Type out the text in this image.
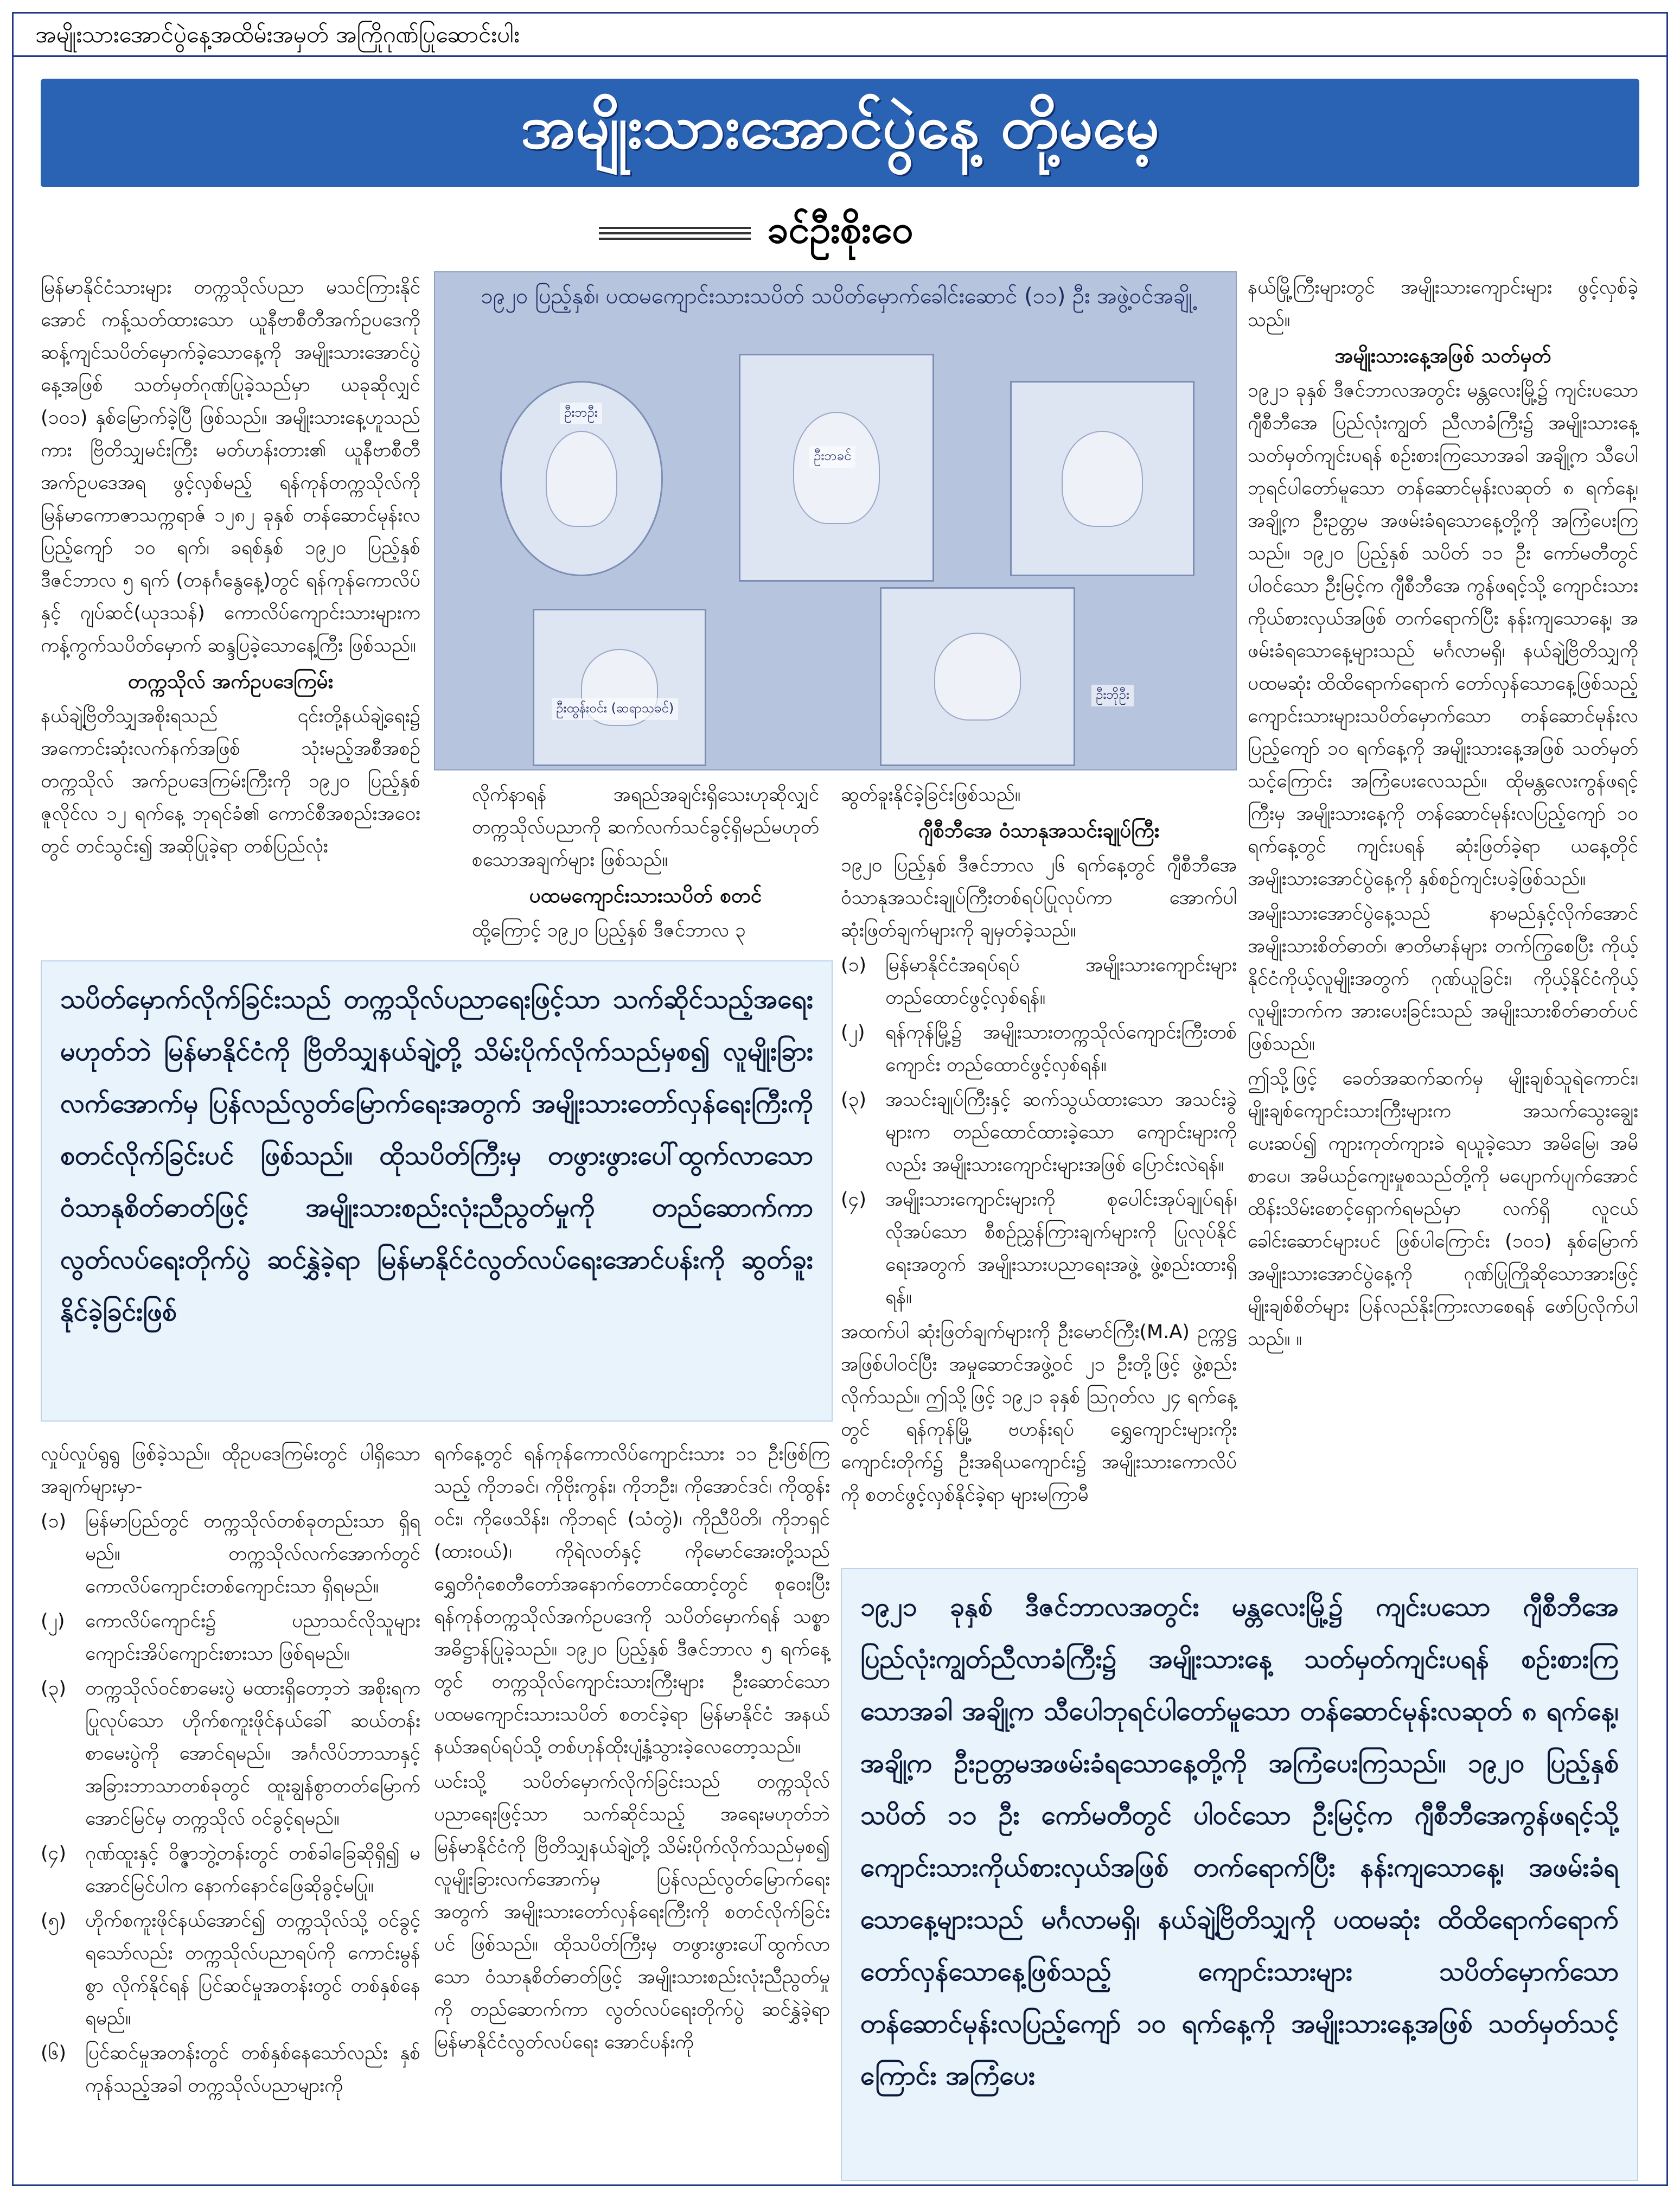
အမျိုးသားအောင်ပွဲနေ့အထိမ်းအမှတ် အကြိုဂုဏ်ပြုဆောင်းပါး
အမျိုးသားအောင်ပွဲနေ့ တို့မမေ့
ခင်ဦးစိုးဝေ

မြန်မာနိုင်ငံသားများ တက္ကသိုလ်ပညာ မသင်ကြားနိုင်အောင် ကန့်သတ်ထားသော ယူနီဗာစီတီအက်ဥပဒေကို ဆန့်ကျင်သပိတ်မှောက်ခဲ့သောနေ့ကို အမျိုးသားအောင်ပွဲနေ့အဖြစ် သတ်မှတ်ဂုဏ်ပြုခဲ့သည်မှာ ယခုဆိုလျှင် (၁၀၁) နှစ်မြောက်ခဲ့ပြီ ဖြစ်သည်။ အမျိုးသားနေ့ဟူသည်ကား ဗြိတိသျှမင်းကြီး မတ်ဟန်းတား၏ ယူနီဗာစီတီ အက်ဥပဒေအရ ဖွင့်လှစ်မည့် ရန်ကုန်တက္ကသိုလ်ကို မြန်မာကောဇာသက္ကရာဇ် ၁၂၈၂ ခုနှစ် တန်ဆောင်မုန်းလပြည့်ကျော် ၁၀ ရက်၊ ခရစ်နှစ် ၁၉၂၀ ပြည့်နှစ် ဒီဇင်ဘာလ ၅ ရက် (တနင်္ဂနွေနေ့)တွင် ရန်ကုန်ကောလိပ်နှင့် ဂျပ်ဆင်(ယုဒသန်) ကောလိပ်ကျောင်းသားများက ကန့်ကွက်သပိတ်မှောက် ဆန္ဒပြခဲ့သောနေ့ကြီး ဖြစ်သည်။

တက္ကသိုလ် အက်ဥပဒေကြမ်း

နယ်ချဲ့ဗြိတိသျှအစိုးရသည် ၎င်းတို့နယ်ချဲ့ရေး၌ အကောင်းဆုံးလက်နက်အဖြစ် သုံးမည့်အစီအစဉ် တက္ကသိုလ် အက်ဥပဒေကြမ်းကြီးကို ၁၉၂၀ ပြည့်နှစ် ဇူလိုင်လ ၁၂ ရက်နေ့ ဘုရင်ခံ၏ ကောင်စီအစည်းအဝေးတွင် တင်သွင်း၍ အဆိုပြုခဲ့ရာ တစ်ပြည်လုံး

၁၉၂၀ ပြည့်နှစ်၊ ပထမကျောင်းသားသပိတ် သပိတ်မှောက်ခေါင်းဆောင် (၁၁) ဦး အဖွဲ့ဝင်အချို့
ဦးဘဦး
ဦးဘခင်
ဦးထွန်းဝင်း (ဆရာသခင်)
ဦးဘိုဦး

လိုက်နာရန် အရည်အချင်းရှိသေးဟုဆိုလျှင် တက္ကသိုလ်ပညာကို ဆက်လက်သင်ခွင့်ရှိမည်မဟုတ် စသောအချက်များ ဖြစ်သည်။

ပထမကျောင်းသားသပိတ် စတင်

ထို့ကြောင့် ၁၉၂၀ ပြည့်နှစ် ဒီဇင်ဘာလ ၃

ဆွတ်ခူးနိုင်ခဲ့ခြင်းဖြစ်သည်။

ဂျီစီဘီအေ ဝံသာနုအသင်းချုပ်ကြီး

၁၉၂၀ ပြည့်နှစ် ဒီဇင်ဘာလ ၂၆ ရက်နေ့တွင် ဂျီစီဘီအေ ဝံသာနုအသင်းချုပ်ကြီးတစ်ရပ်ပြုလုပ်ကာ အောက်ပါဆုံးဖြတ်ချက်များကို ချမှတ်ခဲ့သည်။

(၁)	မြန်မာနိုင်ငံအရပ်ရပ် အမျိုးသားကျောင်းများ တည်ထောင်ဖွင့်လှစ်ရန်။
(၂)	ရန်ကုန်မြို့၌ အမျိုးသားတက္ကသိုလ်ကျောင်းကြီးတစ်ကျောင်း တည်ထောင်ဖွင့်လှစ်ရန်။
(၃)	အသင်းချုပ်ကြီးနှင့် ဆက်သွယ်ထားသော အသင်းခွဲများက တည်ထောင်ထားခဲ့သော ကျောင်းများကိုလည်း အမျိုးသားကျောင်းများအဖြစ် ပြောင်းလဲရန်။
(၄)	အမျိုးသားကျောင်းများကို စုပေါင်းအုပ်ချုပ်ရန်၊ လိုအပ်သော စီစဉ်ညွှန်ကြားချက်များကို ပြုလုပ်နိုင်ရေးအတွက် အမျိုးသားပညာရေးအဖွဲ့ ဖွဲ့စည်းထားရှိရန်။

အထက်ပါ ဆုံးဖြတ်ချက်များကို ဦးမောင်ကြီး(M.A) ဥက္ကဋ္ဌအဖြစ်ပါဝင်ပြီး အမှုဆောင်အဖွဲ့ဝင် ၂၁ ဦးတို့ဖြင့် ဖွဲ့စည်းလိုက်သည်။ ဤသို့ဖြင့် ၁၉၂၁ ခုနှစ် ဩဂုတ်လ ၂၄ ရက်နေ့တွင် ရန်ကုန်မြို့ ဗဟန်းရပ် ရွှေကျောင်းများကိုးကျောင်းတိုက်၌ ဦးအရိယကျောင်း၌ အမျိုးသားကောလိပ်ကို စတင်ဖွင့်လှစ်နိုင်ခဲ့ရာ များမကြာမီ

နယ်မြို့ကြီးများတွင် အမျိုးသားကျောင်းများ ဖွင့်လှစ်ခဲ့သည်။

အမျိုးသားနေ့အဖြစ် သတ်မှတ်

၁၉၂၁ ခုနှစ် ဒီဇင်ဘာလအတွင်း မန္တလေးမြို့၌ ကျင်းပသော ဂျီစီဘီအေ ပြည်လုံးကျွတ် ညီလာခံကြီး၌ အမျိုးသားနေ့ သတ်မှတ်ကျင်းပရန် စဉ်းစားကြသောအခါ အချို့က သီပေါဘုရင်ပါတော်မူသော တန်ဆောင်မုန်းလဆုတ် ၈ ရက်နေ့၊ အချို့က ဦးဥတ္တမ အဖမ်းခံရသောနေ့တို့ကို အကြံပေးကြသည်။ ၁၉၂၀ ပြည့်နှစ် သပိတ် ၁၁ ဦး ကော်မတီတွင် ပါဝင်သော ဦးမြင့်က ဂျီစီဘီအေ ကွန်ဖရင့်သို့ ကျောင်းသားကိုယ်စားလှယ်အဖြစ် တက်ရောက်ပြီး နန်းကျသောနေ့၊ အဖမ်းခံရသောနေ့များသည် မင်္ဂလာမရှိ၊ နယ်ချဲ့ဗြိတိသျှကို ပထမဆုံး ထိထိရောက်ရောက် တော်လှန်သောနေ့ဖြစ်သည့် ကျောင်းသားများသပိတ်မှောက်သော တန်ဆောင်မုန်းလပြည့်ကျော် ၁၀ ရက်နေ့ကို အမျိုးသားနေ့အဖြစ် သတ်မှတ်သင့်ကြောင်း အကြံပေးလေသည်။ ထိုမန္တလေးကွန်ဖရင့်ကြီးမှ အမျိုးသားနေ့ကို တန်ဆောင်မုန်းလပြည့်ကျော် ၁၀ ရက်နေ့တွင် ကျင်းပရန် ဆုံးဖြတ်ခဲ့ရာ ယနေ့တိုင် အမျိုးသားအောင်ပွဲနေ့ကို နှစ်စဉ်ကျင်းပခဲ့ဖြစ်သည်။

အမျိုးသားအောင်ပွဲနေ့သည် နာမည်နှင့်လိုက်အောင် အမျိုးသားစိတ်ဓာတ်၊ ဇာတိမာန်များ တက်ကြွစေပြီး ကိုယ့်နိုင်ငံကိုယ့်လူမျိုးအတွက် ဂုဏ်ယူခြင်း၊ ကိုယ့်နိုင်ငံကိုယ့်လူမျိုးဘက်က အားပေးခြင်းသည် အမျိုးသားစိတ်ဓာတ်ပင် ဖြစ်သည်။

ဤသို့ဖြင့် ခေတ်အဆက်ဆက်မှ မျိုးချစ်သူရဲကောင်း၊ မျိုးချစ်ကျောင်းသားကြီးများက အသက်သွေးချွေး ပေးဆပ်၍ ကျားကုတ်ကျားခဲ ရယူခဲ့သော အမိမြေ၊ အမိစာပေ၊ အမိယဉ်ကျေးမှုစသည်တို့ကို မပျောက်ပျက်အောင် ထိန်းသိမ်းစောင့်ရှောက်ရမည်မှာ လက်ရှိ လူငယ်ခေါင်းဆောင်များပင် ဖြစ်ပါကြောင်း (၁၀၁) နှစ်မြောက် အမျိုးသားအောင်ပွဲနေ့ကို ဂုဏ်ပြုကြိုဆိုသောအားဖြင့် မျိုးချစ်စိတ်များ ပြန်လည်နိုးကြားလာစေရန် ဖော်ပြလိုက်ပါသည်။ ။

သပိတ်မှောက်လိုက်ခြင်းသည် တက္ကသိုလ်ပညာရေးဖြင့်သာ သက်ဆိုင်သည့်အရေးမဟုတ်ဘဲ မြန်မာနိုင်ငံကို ဗြိတိသျှနယ်ချဲ့တို့ သိမ်းပိုက်လိုက်သည်မှစ၍ လူမျိုးခြားလက်အောက်မှ ပြန်လည်လွတ်မြောက်ရေးအတွက် အမျိုးသားတော်လှန်ရေးကြီးကို စတင်လိုက်ခြင်းပင် ဖြစ်သည်။ ထိုသပိတ်ကြီးမှ တဖွားဖွားပေါ်ထွက်လာသော ဝံသာနုစိတ်ဓာတ်ဖြင့် အမျိုးသားစည်းလုံးညီညွတ်မှုကို တည်ဆောက်ကာ လွတ်လပ်ရေးတိုက်ပွဲ ဆင်နွှဲခဲ့ရာ မြန်မာနိုင်ငံလွတ်လပ်ရေးအောင်ပန်းကို ဆွတ်ခူးနိုင်ခဲ့ခြင်းဖြစ်

လှုပ်လှုပ်ရွရွ ဖြစ်ခဲ့သည်။ ထိုဥပဒေကြမ်းတွင် ပါရှိသော အချက်များမှာ-

(၁)	မြန်မာပြည်တွင် တက္ကသိုလ်တစ်ခုတည်းသာ ရှိရမည်။ တက္ကသိုလ်လက်အောက်တွင် ကောလိပ်ကျောင်းတစ်ကျောင်းသာ ရှိရမည်။
(၂)	ကောလိပ်ကျောင်း၌ ပညာသင်လိုသူများ ကျောင်းအိပ်ကျောင်းစားသာ ဖြစ်ရမည်။
(၃)	တက္ကသိုလ်ဝင်စာမေးပွဲ မထားရှိတော့ဘဲ အစိုးရကပြုလုပ်သော ဟိုက်စကူးဖိုင်နယ်ခေါ် ဆယ်တန်းစာမေးပွဲကို အောင်ရမည်။ အင်္ဂလိပ်ဘာသာနှင့် အခြားဘာသာတစ်ခုတွင် ထူးချွန်စွာတတ်မြောက်အောင်မြင်မှ တက္ကသိုလ် ဝင်ခွင့်ရမည်။
(၄)	ဂုဏ်ထူးနှင့် ဝိဇ္ဇာဘွဲ့တန်းတွင် တစ်ခါခြေဆိုရှိ၍ မအောင်မြင်ပါက နောက်နောင်ဖြေဆိုခွင့်မပြု။
(၅)	ဟိုက်စကူးဖိုင်နယ်အောင်၍ တက္ကသိုလ်သို့ ဝင်ခွင့်ရသော်လည်း တက္ကသိုလ်ပညာရပ်ကို ကောင်းမွန်စွာ လိုက်နိုင်ရန် ပြင်ဆင်မှုအတန်းတွင် တစ်နှစ်နေရမည်။
(၆)	ပြင်ဆင်မှုအတန်းတွင် တစ်နှစ်နေသော်လည်း နှစ်ကုန်သည့်အခါ တက္ကသိုလ်ပညာများကို

ရက်နေ့တွင် ရန်ကုန်ကောလိပ်ကျောင်းသား ၁၁ ဦးဖြစ်ကြသည့် ကိုဘခင်၊ ကိုဗိုးကွန်း၊ ကိုဘဦး၊ ကိုအောင်ဒင်၊ ကိုထွန်းဝင်း၊ ကိုဖေသိန်း၊ ကိုဘရင် (သံတွဲ)၊ ကိုညီပိတိ၊ ကိုဘရှင် (ထားဝယ်)၊ ကိုရဲလတ်နှင့် ကိုမောင်အေးတို့သည် ရွှေတိဂုံစေတီတော်အနောက်တောင်ထောင့်တွင် စုဝေးပြီး ရန်ကုန်တက္ကသိုလ်အက်ဥပဒေကို သပိတ်မှောက်ရန် သစ္စာအဓိဋ္ဌာန်ပြုခဲ့သည်။ ၁၉၂၀ ပြည့်နှစ် ဒီဇင်ဘာလ ၅ ရက်နေ့တွင် တက္ကသိုလ်ကျောင်းသားကြီးများ ဦးဆောင်သော ပထမကျောင်းသားသပိတ် စတင်ခဲ့ရာ မြန်မာနိုင်ငံ အနယ်နယ်အရပ်ရပ်သို့ တစ်ဟုန်ထိုးပျံ့နှံ့သွားခဲ့လေတော့သည်။

ယင်းသို့ သပိတ်မှောက်လိုက်ခြင်းသည် တက္ကသိုလ်ပညာရေးဖြင့်သာ သက်ဆိုင်သည့် အရေးမဟုတ်ဘဲ မြန်မာနိုင်ငံကို ဗြိတိသျှနယ်ချဲ့တို့ သိမ်းပိုက်လိုက်သည်မှစ၍ လူမျိုးခြားလက်အောက်မှ ပြန်လည်လွတ်မြောက်ရေးအတွက် အမျိုးသားတော်လှန်ရေးကြီးကို စတင်လိုက်ခြင်းပင် ဖြစ်သည်။ ထိုသပိတ်ကြီးမှ တဖွားဖွားပေါ်ထွက်လာသော ဝံသာနုစိတ်ဓာတ်ဖြင့် အမျိုးသားစည်းလုံးညီညွတ်မှုကို တည်ဆောက်ကာ လွတ်လပ်ရေးတိုက်ပွဲ ဆင်နွှဲခဲ့ရာ မြန်မာနိုင်ငံလွတ်လပ်ရေး အောင်ပန်းကို

၁၉၂၁ ခုနှစ် ဒီဇင်ဘာလအတွင်း မန္တလေးမြို့၌ ကျင်းပသော ဂျီစီဘီအေ ပြည်လုံးကျွတ်ညီလာခံကြီး၌ အမျိုးသားနေ့ သတ်မှတ်ကျင်းပရန် စဉ်းစားကြသောအခါ အချို့က သီပေါဘုရင်ပါတော်မူသော တန်ဆောင်မုန်းလဆုတ် ၈ ရက်နေ့၊ အချို့က ဦးဥတ္တမအဖမ်းခံရသောနေ့တို့ကို အကြံပေးကြသည်။ ၁၉၂၀ ပြည့်နှစ် သပိတ် ၁၁ ဦး ကော်မတီတွင် ပါဝင်သော ဦးမြင့်က ဂျီစီဘီအေကွန်ဖရင့်သို့ ကျောင်းသားကိုယ်စားလှယ်အဖြစ် တက်ရောက်ပြီး နန်းကျသောနေ့၊ အဖမ်းခံရသောနေ့များသည် မင်္ဂလာမရှိ၊ နယ်ချဲ့ဗြိတိသျှကို ပထမဆုံး ထိထိရောက်ရောက်တော်လှန်သောနေ့ဖြစ်သည့် ကျောင်းသားများ သပိတ်မှောက်သော တန်ဆောင်မုန်းလပြည့်ကျော် ၁၀ ရက်နေ့ကို အမျိုးသားနေ့အဖြစ် သတ်မှတ်သင့်ကြောင်း အကြံပေး
